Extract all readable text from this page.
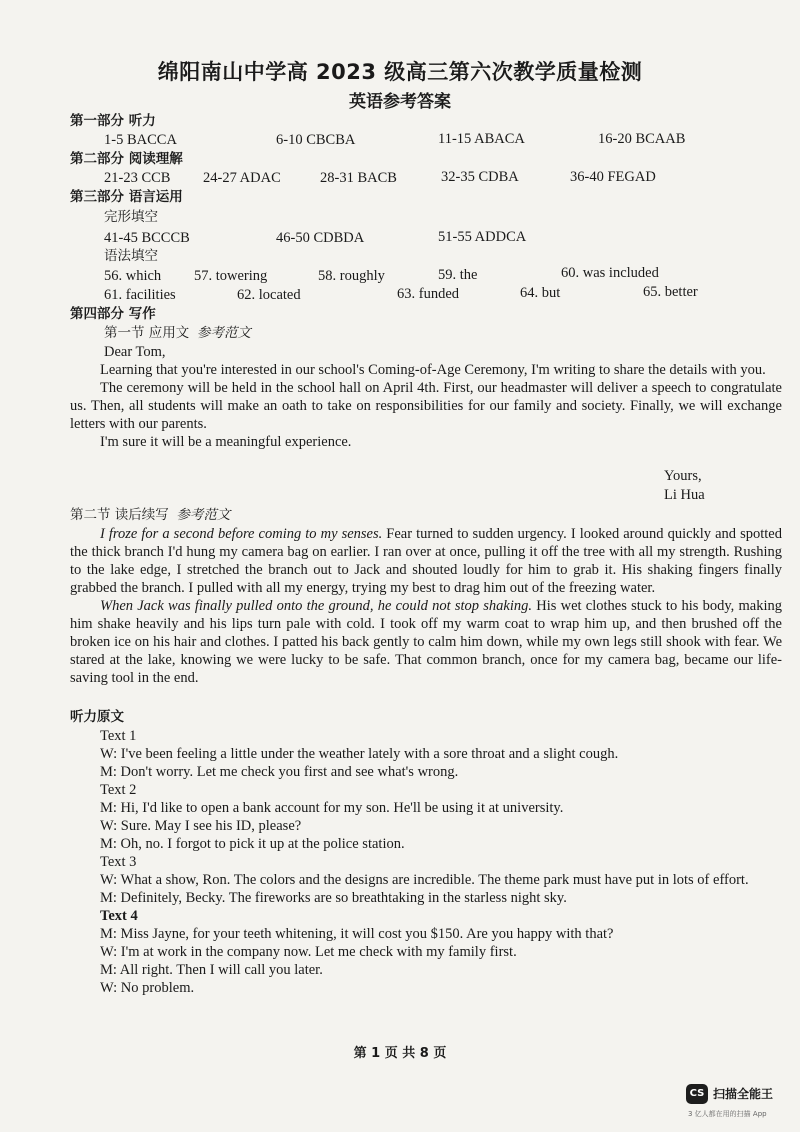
绵阳南山中学高 2023 级高三第六次教学质量检测
英语参考答案
第一部分 听力
1-5 BACCA	6-10 CBCBA	11-15 ABACA	16-20 BCAAB
第二部分 阅读理解
21-23 CCB 24-27 ADAC	28-31 BACB	32-35 CDBA	36-40 FEGAD
第三部分 语言运用
完形填空
41-45 BCCCB	46-50 CDBDA	51-55 ADDCA
语法填空
56. which 57. towering	58. roughly	59. the	60. was included
61. facilities	62. located	63. funded	64. but	65. better
第四部分 写作
第一节 应用文 参考范文
Dear Tom,

Learning that you're interested in our school's Coming-of-Age Ceremony, I'm writing to share the details with you.

The ceremony will be held in the school hall on April 4th. First, our headmaster will deliver a speech to congratulate us. Then, all students will make an oath to take on responsibilities for our family and society. Finally, we will exchange letters with our parents.

I'm sure it will be a meaningful experience.

Yours,
Li Hua
第二节 读后续写 参考范文

I froze for a second before coming to my senses. Fear turned to sudden urgency. I looked around quickly and spotted the thick branch I'd hung my camera bag on earlier. I ran over at once, pulling it off the tree with all my strength. Rushing to the lake edge, I stretched the branch out to Jack and shouted loudly for him to grab it. His shaking fingers finally grabbed the branch. I pulled with all my energy, trying my best to drag him out of the freezing water.

When Jack was finally pulled onto the ground, he could not stop shaking. His wet clothes stuck to his body, making him shake heavily and his lips turn pale with cold. I took off my warm coat to wrap him up, and then brushed off the broken ice on his hair and clothes. I patted his back gently to calm him down, while my own legs still shook with fear. We stared at the lake, knowing we were lucky to be safe. That common branch, once for my camera bag, became our life-saving tool in the end.

听力原文

Text 1

W: I've been feeling a little under the weather lately with a sore throat and a slight cough.

M: Don't worry. Let me check you first and see what's wrong.

Text 2

M: Hi, I'd like to open a bank account for my son. He'll be using it at university.

W: Sure. May I see his ID, please?

M: Oh, no. I forgot to pick it up at the police station.

Text 3

W: What a show, Ron. The colors and the designs are incredible. The theme park must have put in lots of effort.

M: Definitely, Becky. The fireworks are so breathtaking in the starless night sky.

Text 4

M: Miss Jayne, for your teeth whitening, it will cost you $150. Are you happy with that?

W: I'm at work in the company now. Let me check with my family first.

M: All right. Then I will call you later.

W: No problem.

第 1 页 共 8 页
CS 扫描全能王
3 亿人都在用的扫描 App
